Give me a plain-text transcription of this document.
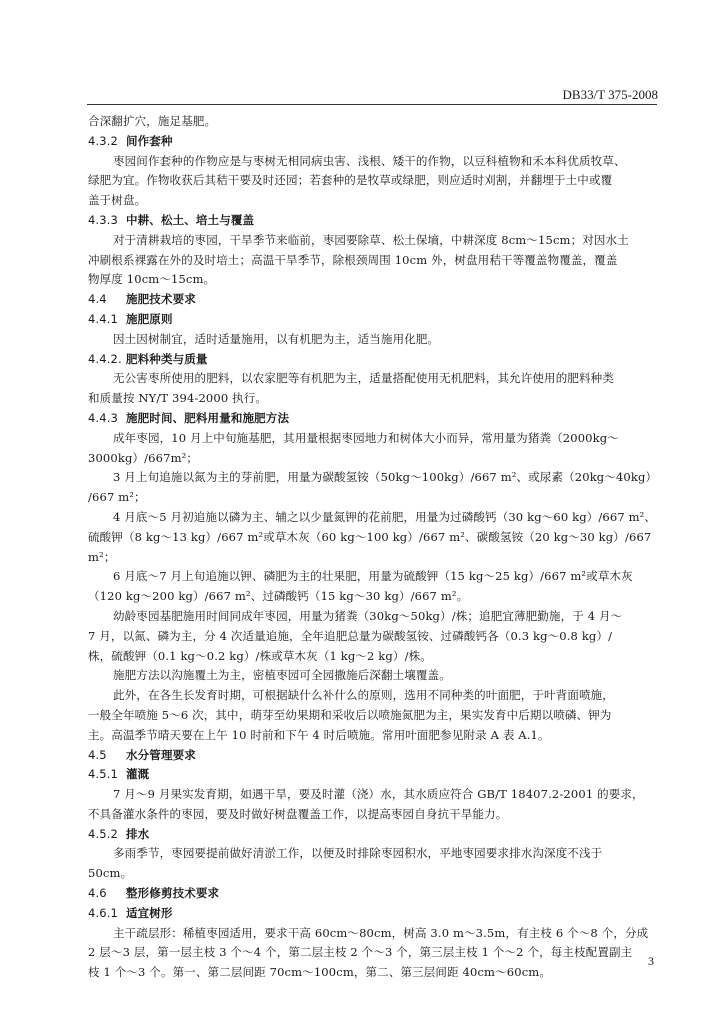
DB33/T 375-2008
合深翻扩穴，施足基肥。
4.3.2 间作套种
枣园间作套种的作物应是与枣树无相同病虫害、浅根、矮干的作物，以豆科植物和禾本科优质牧草、
绿肥为宜。作物收获后其秸干要及时还园；若套种的是牧草或绿肥，则应适时刈割，并翻埋于土中或覆
盖于树盘。
4.3.3 中耕、松土、培土与覆盖
对于清耕栽培的枣园，干旱季节来临前，枣园要除草、松土保墒，中耕深度 8cm～15cm；对因水土
冲刷根系裸露在外的及时培土；高温干旱季节，除根颈周围 10cm 外，树盘用秸干等覆盖物覆盖，覆盖
物厚度 10cm～15cm。
4.4 施肥技术要求
4.4.1 施肥原则
因土因树制宜，适时适量施用，以有机肥为主，适当施用化肥。
4.4.2. 肥料种类与质量
无公害枣所使用的肥料，以农家肥等有机肥为主，适量搭配使用无机肥料，其允许使用的肥料种类
和质量按 NY/T 394-2000 执行。
4.4.3 施肥时间、肥料用量和施肥方法
成年枣园，10 月上中旬施基肥，其用量根据枣园地力和树体大小而异，常用量为猪粪（2000kg～
3000kg）/667m²；
3 月上旬追施以氮为主的芽前肥，用量为碳酸氢铵（50kg～100kg）/667 m²、或尿素（20kg～40kg）
/667 m²；
4 月底～5 月初追施以磷为主、辅之以少量氮钾的花前肥，用量为过磷酸钙（30 kg～60 kg）/667 m²、
硫酸钾（8 kg～13 kg）/667 m²或草木灰（60 kg～100 kg）/667 m²、碳酸氢铵（20 kg～30 kg）/667
m²；
6 月底～7 月上旬追施以钾、磷肥为主的壮果肥，用量为硫酸钾（15 kg～25 kg）/667 m²或草木灰
（120 kg～200 kg）/667 m²、过磷酸钙（15 kg～30 kg）/667 m²。
幼龄枣园基肥施用时间同成年枣园，用量为猪粪（30kg～50kg）/株；追肥宜薄肥勤施，于 4 月～
7 月，以氮、磷为主，分 4 次适量追施，全年追肥总量为碳酸氢铵、过磷酸钙各（0.3 kg～0.8 kg）/
株，硫酸钾（0.1 kg～0.2 kg）/株或草木灰（1 kg～2 kg）/株。
施肥方法以沟施覆土为主，密植枣园可全园撒施后深翻土壤覆盖。
此外，在各生长发育时期，可根据缺什么补什么的原则，选用不同种类的叶面肥，于叶背面喷施，
一般全年喷施 5～6 次，其中，萌芽至幼果期和采收后以喷施氮肥为主，果实发育中后期以喷磷、钾为
主。高温季节晴天要在上午 10 时前和下午 4 时后喷施。常用叶面肥参见附录 A 表 A.1。
4.5 水分管理要求
4.5.1 灌溉
7 月～9 月果实发育期，如遇干旱，要及时灌（浇）水，其水质应符合 GB/T 18407.2-2001 的要求，
不具备灌水条件的枣园，要及时做好树盘覆盖工作，以提高枣园自身抗干旱能力。
4.5.2 排水
多雨季节，枣园要提前做好清淤工作，以便及时排除枣园积水，平地枣园要求排水沟深度不浅于
50cm。
4.6 整形修剪技术要求
4.6.1 适宜树形
主干疏层形：稀植枣园适用，要求干高 60cm～80cm，树高 3.0 m～3.5m，有主枝 6 个～8 个，分成
2 层～3 层，第一层主枝 3 个～4 个，第二层主枝 2 个～3 个，第三层主枝 1 个～2 个，每主枝配置副主
枝 1 个～3 个。第一、第二层间距 70cm～100cm，第二、第三层间距 40cm～60cm。
3
